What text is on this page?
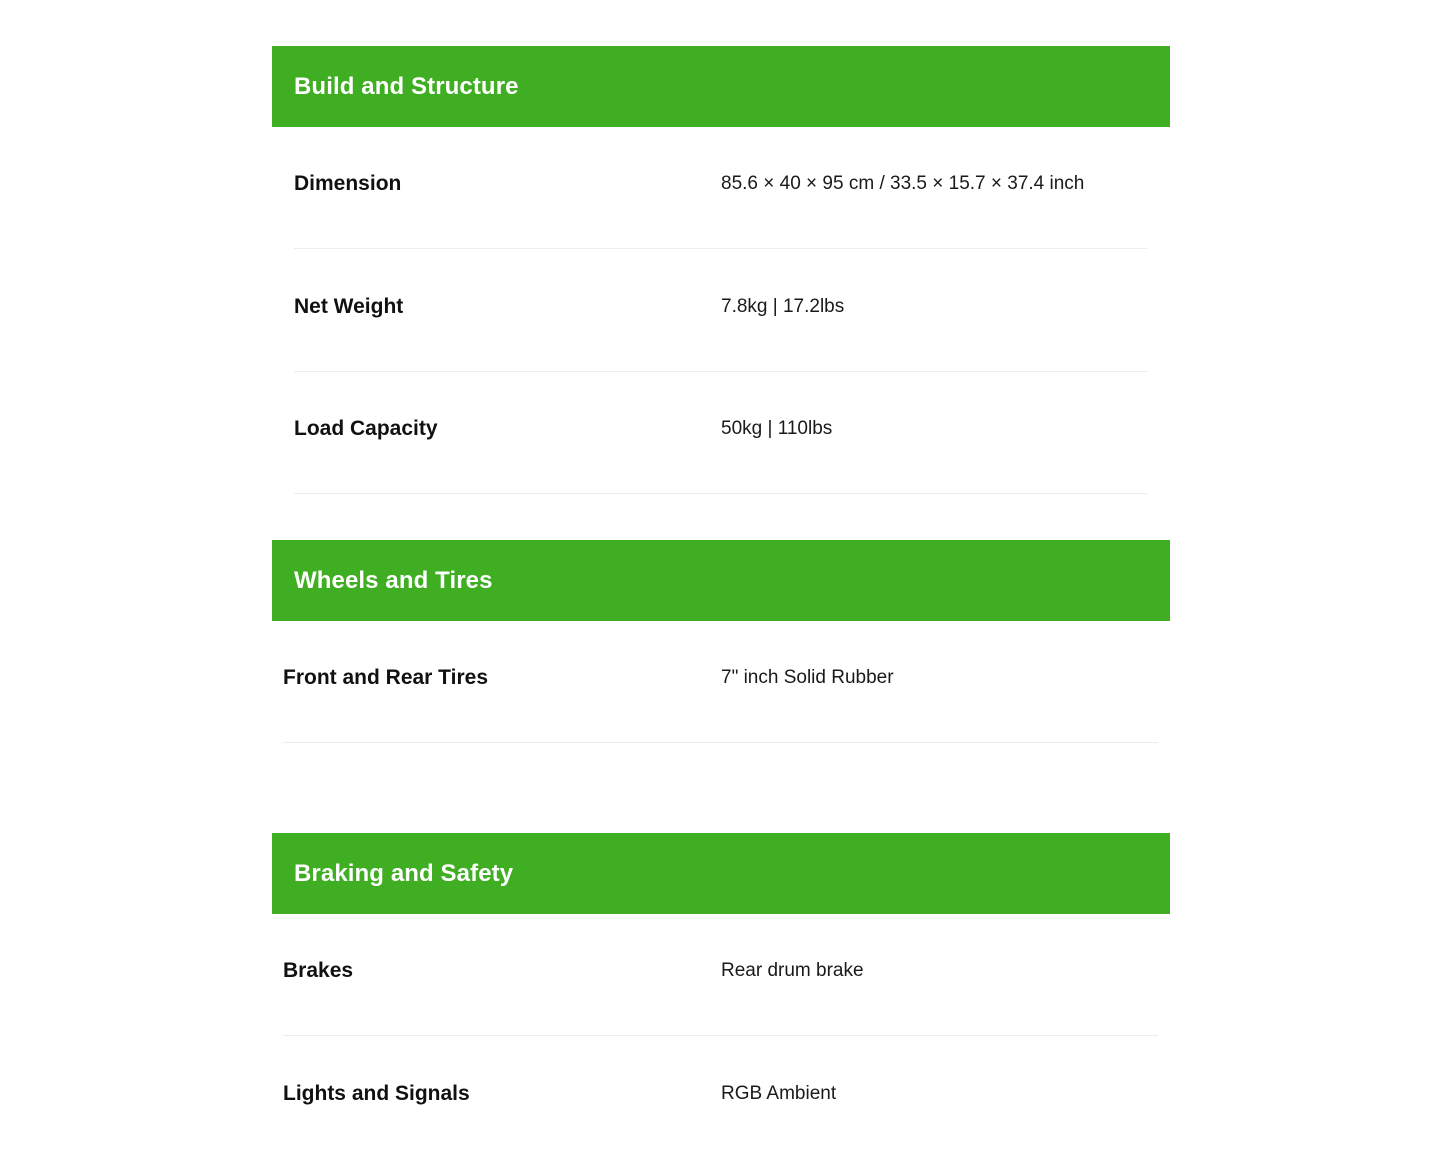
Build and Structure
Dimension	85.6 × 40 × 95 cm / 33.5 × 15.7 × 37.4 inch
Net Weight	7.8kg | 17.2lbs
Load Capacity	50kg | 110lbs
Wheels and Tires
Front and Rear Tires	7" inch Solid Rubber
Braking and Safety
Brakes	Rear drum brake
Lights and Signals	RGB Ambient
